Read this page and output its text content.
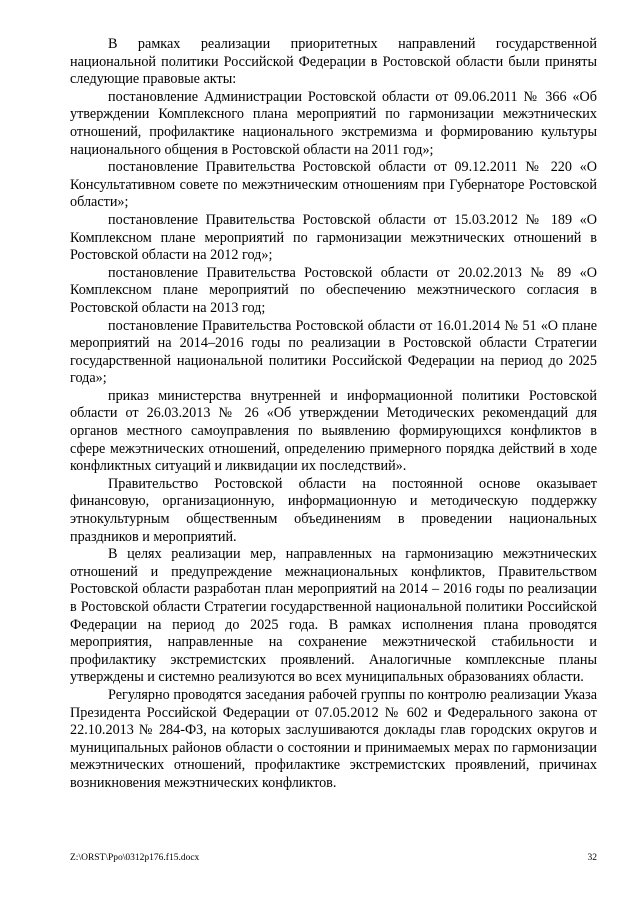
В рамках реализации приоритетных направлений государственной национальной политики Российской Федерации в Ростовской области были приняты следующие правовые акты:

постановление Администрации Ростовской области от 09.06.2011 № 366 «Об утверждении Комплексного плана мероприятий по гармонизации межэтнических отношений, профилактике национального экстремизма и формированию культуры национального общения в Ростовской области на 2011 год»;

постановление Правительства Ростовской области от 09.12.2011 № 220 «О Консультативном совете по межэтническим отношениям при Губернаторе Ростовской области»;

постановление Правительства Ростовской области от 15.03.2012 № 189 «О Комплексном плане мероприятий по гармонизации межэтнических отношений в Ростовской области на 2012 год»;

постановление Правительства Ростовской области от 20.02.2013 № 89 «О Комплексном плане мероприятий по обеспечению межэтнического согласия в Ростовской области на 2013 год;

постановление Правительства Ростовской области от 16.01.2014 № 51 «О плане мероприятий на 2014–2016 годы по реализации в Ростовской области Стратегии государственной национальной политики Российской Федерации на период до 2025 года»;

приказ министерства внутренней и информационной политики Ростовской области от 26.03.2013 № 26 «Об утверждении Методических рекомендаций для органов местного самоуправления по выявлению формирующихся конфликтов в сфере межэтнических отношений, определению примерного порядка действий в ходе конфликтных ситуаций и ликвидации их последствий».

Правительство Ростовской области на постоянной основе оказывает финансовую, организационную, информационную и методическую поддержку этнокультурным общественным объединениям в проведении национальных праздников и мероприятий.

В целях реализации мер, направленных на гармонизацию межэтнических отношений и предупреждение межнациональных конфликтов, Правительством Ростовской области разработан план мероприятий на 2014 – 2016 годы по реализации в Ростовской области Стратегии государственной национальной политики Российской Федерации на период до 2025 года. В рамках исполнения плана проводятся мероприятия, направленные на сохранение межэтнической стабильности и профилактику экстремистских проявлений. Аналогичные комплексные планы утверждены и системно реализуются во всех муниципальных образованиях области.

Регулярно проводятся заседания рабочей группы по контролю реализации Указа Президента Российской Федерации от 07.05.2012 № 602 и Федерального закона от 22.10.2013 № 284-ФЗ, на которых заслушиваются доклады глав городских округов и муниципальных районов области о состоянии и принимаемых мерах по гармонизации межэтнических отношений, профилактике экстремистских проявлений, причинах возникновения межэтнических конфликтов.

Z:\ORST\Ppo\0312p176.f15.docx	32
